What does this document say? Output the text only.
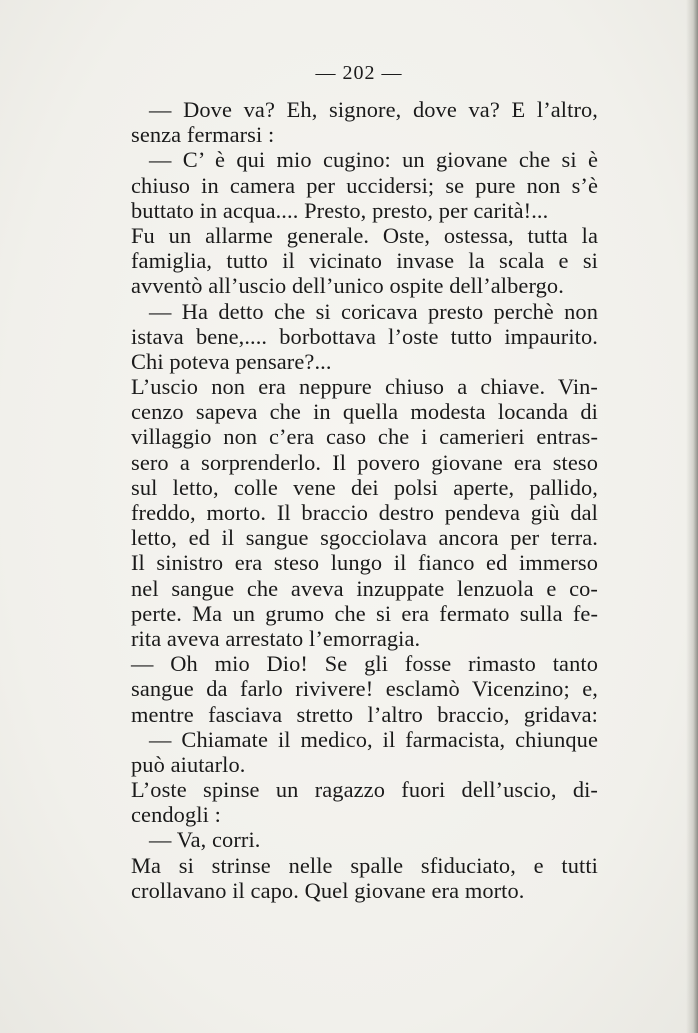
— 202 —
— Dove va? Eh, signore, dove va? E l’altro,
senza fermarsi :
— C’ è qui mio cugino: un giovane che si è
chiuso in camera per uccidersi; se pure non s’è
buttato in acqua.... Presto, presto, per carità!...
Fu un allarme generale. Oste, ostessa, tutta la
famiglia, tutto il vicinato invase la scala e si
avventò all’uscio dell’unico ospite dell’albergo.
— Ha detto che si coricava presto perchè non
istava bene,.... borbottava l’oste tutto impaurito.
Chi poteva pensare?...
L’uscio non era neppure chiuso a chiave. Vin-
cenzo sapeva che in quella modesta locanda di
villaggio non c’era caso che i camerieri entras-
sero a sorprenderlo. Il povero giovane era steso
sul letto, colle vene dei polsi aperte, pallido,
freddo, morto. Il braccio destro pendeva giù dal
letto, ed il sangue sgocciolava ancora per terra.
Il sinistro era steso lungo il fianco ed immerso
nel sangue che aveva inzuppate lenzuola e co-
perte. Ma un grumo che si era fermato sulla fe-
rita aveva arrestato l’emorragia.
— Oh mio Dio! Se gli fosse rimasto tanto
sangue da farlo rivivere! esclamò Vicenzino; e,
mentre fasciava stretto l’altro braccio, gridava:
— Chiamate il medico, il farmacista, chiunque
può aiutarlo.
L’oste spinse un ragazzo fuori dell’uscio, di-
cendogli :
— Va, corri.
Ma si strinse nelle spalle sfiduciato, e tutti
crollavano il capo. Quel giovane era morto.
